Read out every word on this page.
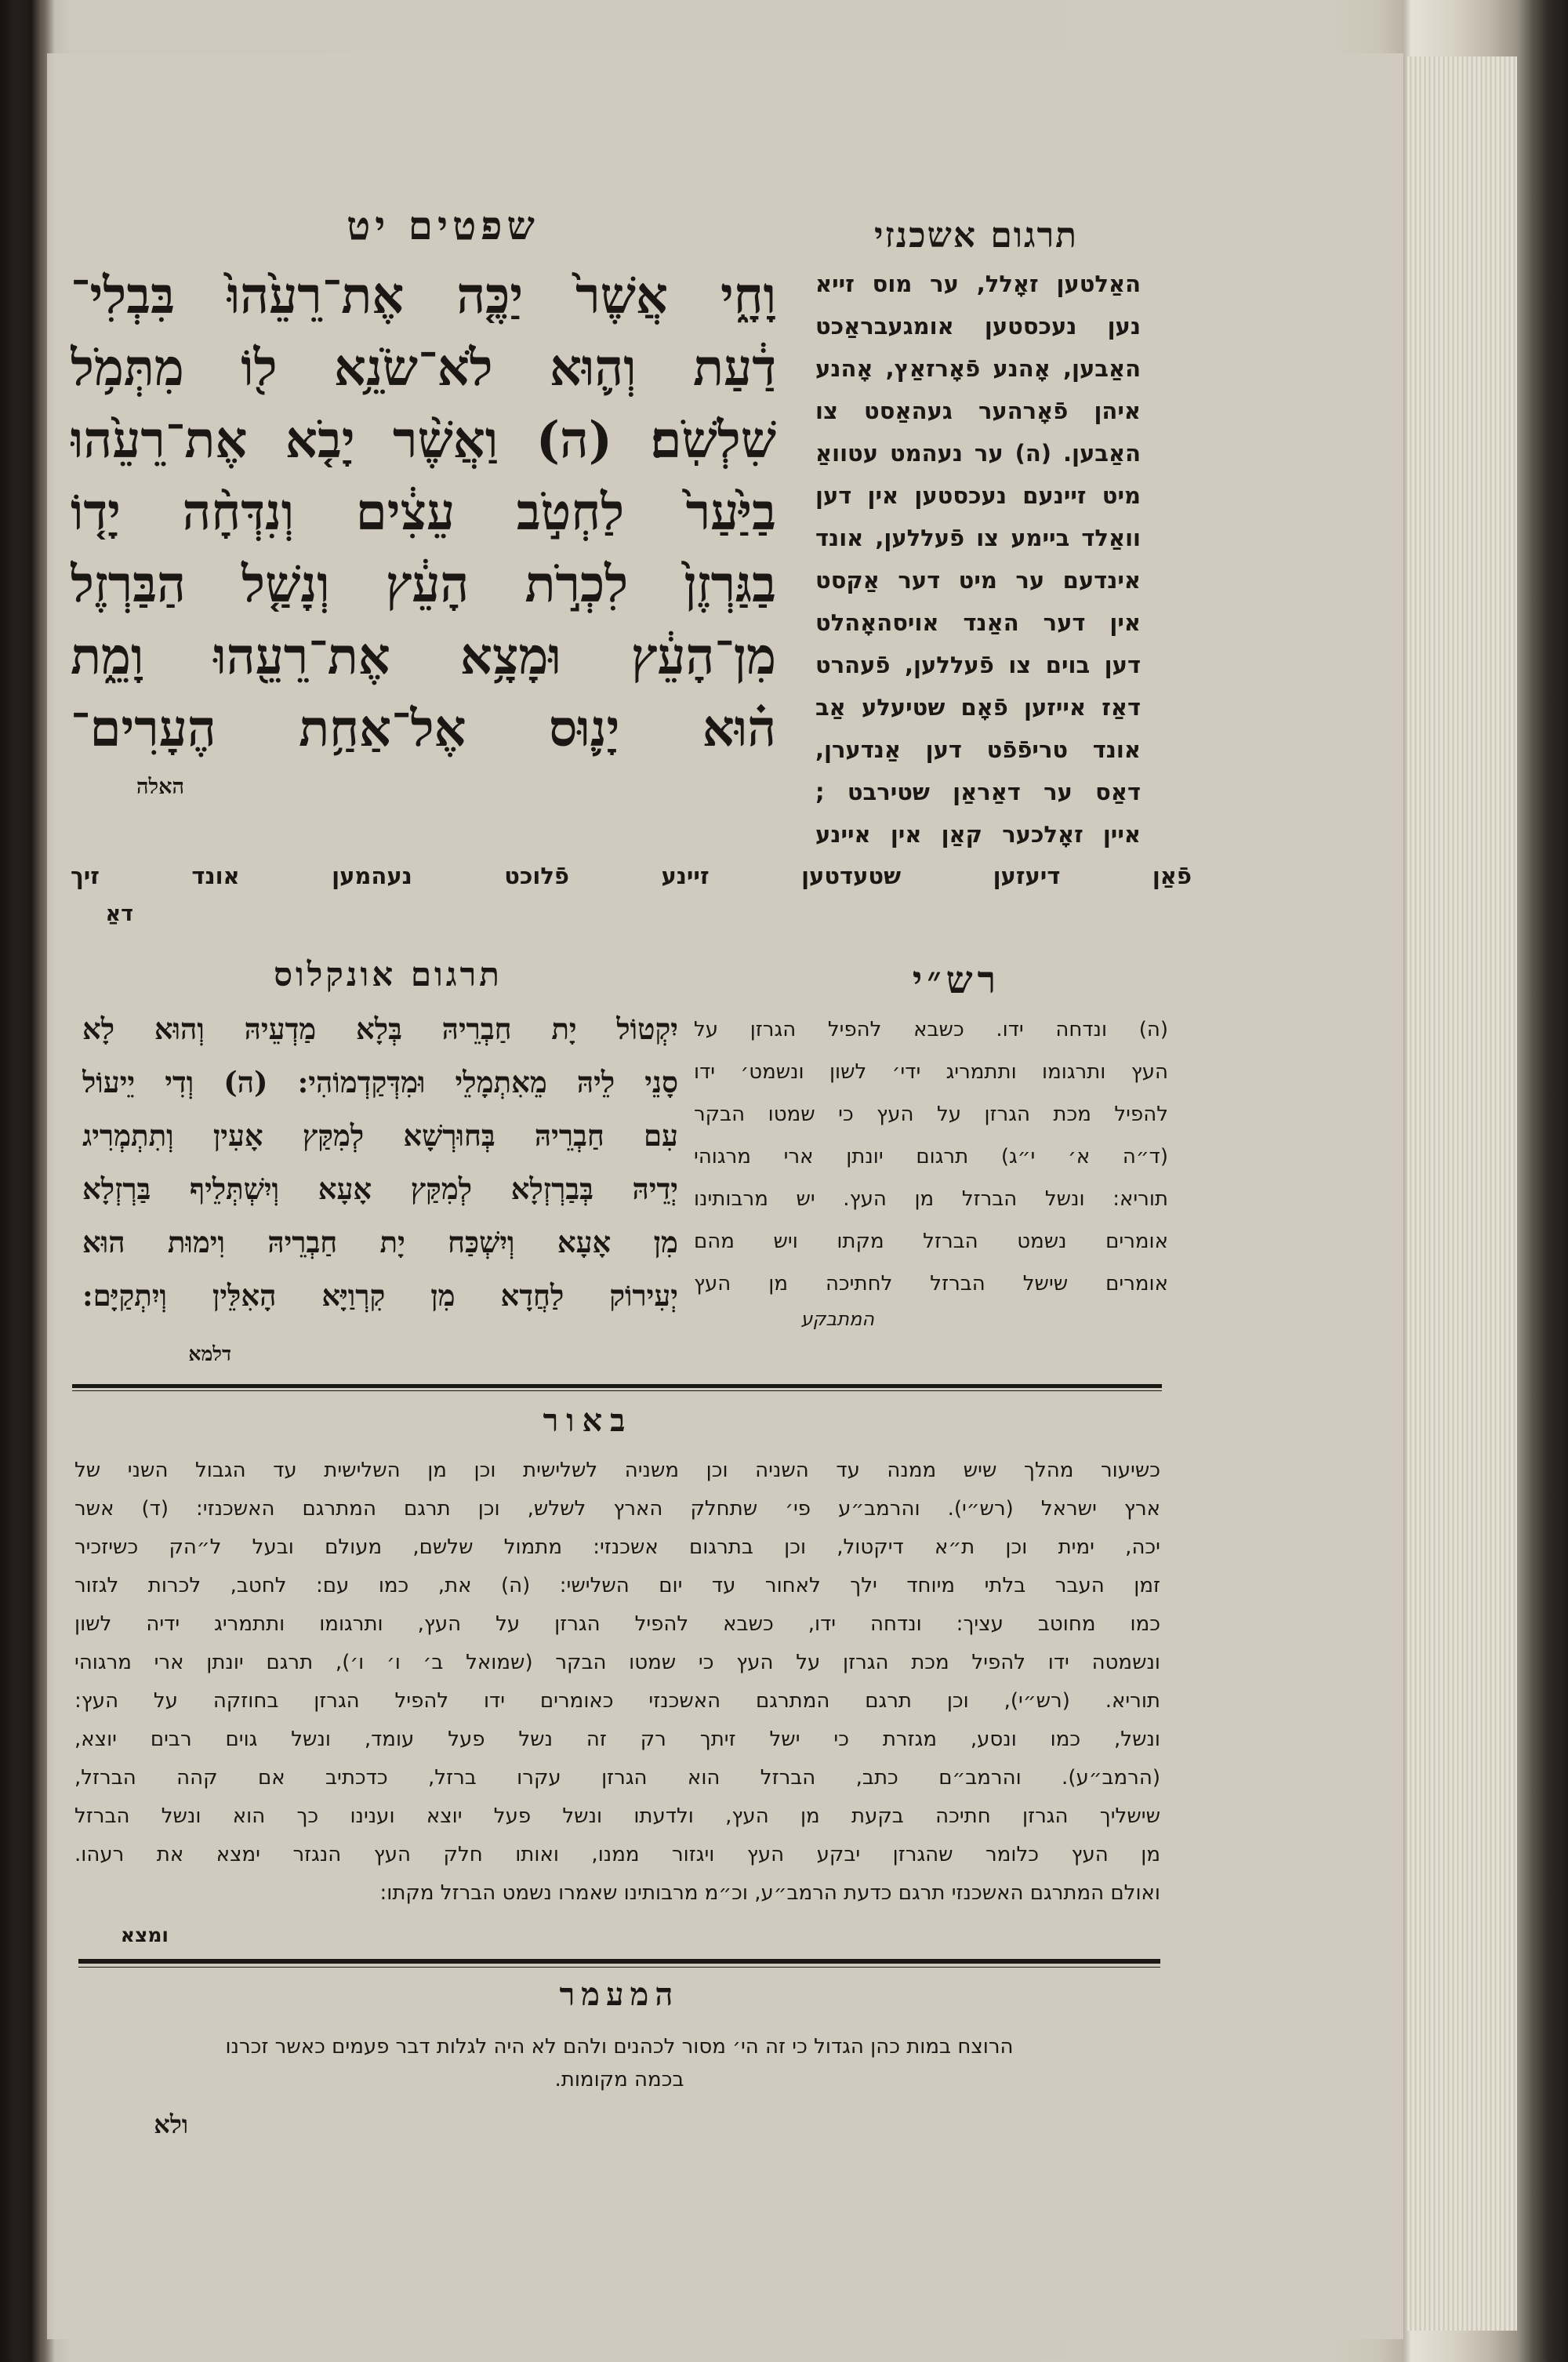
שפטים יט	תרגום אשכנזי
וָחָ֑י אֲשֶׁר֙ יַכֶּ֤ה אֶת־רֵעֵ֙הוּ֙ בִּבְלִי־
דַ֔עַת וְה֛וּא לֹא־שֹׂנֵ֥א ל֖וֹ מִתְּמֹ֥ל
שִׁלְשֹֽׁם׃ (ה) וַאֲשֶׁ֨ר יָבֹ֤א אֶת־רֵעֵ֙הוּ
בַיַּ֙עַר֙ לַחְטֹ֣ב עֵצִ֔ים וְנִדְּחָ֨ה יָד֤וֹ
בַגַּרְזֶן֙ לִכְרֹ֣ת הָעֵ֔ץ וְנָשַׁ֤ל הַבַּרְזֶל֙
מִן־הָעֵ֔ץ וּמָצָ֥א אֶת־רֵעֵ֖הוּ וָמֵ֑ת
ה֗וּא יָנ֛וּס אֶל־אַחַ֥ת הֶעָרִים־
האלה
האַלטען זאָלל, ער מוס זייא
נען נעכסטען אומגעבראַכט
האַבען, אָהנע פֿאָרזאַץ, אָהנע
איהן פֿאָרהער געהאַסט צו
האַבען. (ה) ער נעהמט עטוואַ
מיט זיינעם נעכסטען אין דען
וואַלד ביימע צו פֿעללען, אונד
אינדעם ער מיט דער אַקסט
אין דער האַנד אויסהאָהלט
דען בוים צו פֿעללען, פֿעהרט
דאַז אייזען פֿאָם שטיעלע אַב
אונד טריפֿפֿט דען אַנדערן,
דאַס ער דאַראַן שטירבט ;
איין זאָלכער קאַן אין איינע
פֿאַן דיעזען שטעדטען זיינע פֿלוכט נעהמען אונד זיך
דאַ
רש״י
תרגום אונקלוס
(ה) ונדחה ידו. כשבא להפיל הגרזן על
העץ ותרגומו ותתמריג ידי׳ לשון ונשמט׳ ידו
להפיל מכת הגרזן על העץ כי שמטו הבקר
(ד״ה א׳ י״ג) תרגום יונתן ארי מרגוהי
תוריא: ונשל הברזל מן העץ. יש מרבותינו
אומרים נשמט הברזל מקתו ויש מהם
אומרים שישל הברזל לחתיכה מן העץ
המתבקע
יִקְטוֹל יָת חַבְרֵיהּ בְּלָא מַדְעֵיהּ וְהוּא לָא
סָנֵי לֵיהּ מֵאִתְמָלֵי וּמִדְּקַדְמוֹהִי: (ה) וְדִי יֵיעוֹל
עִם חַבְרֵיהּ בְּחוּרְשָׁא לְמִקַּץ אָעִין וְתִתְמְרִיג
יְדֵיהּ בְּבַרְזְלָא לְמִקַּץ אָעָא וְיִשְׁתְּלֵיף בַּרְזְלָא
מִן אָעָא וְיִשְׁכַּח יָת חַבְרֵיהּ וִימוּת הוּא
יְעִירוֹק לַחֲדָא מִן קִרְוַיָּא הָאִלֵּין וְיִתְקַיָּם:
דלמא
באור
כשיעור מהלך שיש ממנה עד השניה וכן משניה לשלישית וכן מן השלישית עד הגבול השני של
ארץ ישראל (רש״י). והרמב״ע פי׳ שתחלק הארץ לשלש, וכן תרגם המתרגם האשכנזי: (ד) אשר
יכה, ימית וכן ת״א דיקטול, וכן בתרגום אשכנזי: מתמול שלשם, מעולם ובעל ל״הק כשיזכיר
זמן העבר בלתי מיוחד ילך לאחור עד יום השלישי: (ה) את, כמו עם: לחטב, לכרות לגזור
כמו מחוטב עציך: ונדחה ידו, כשבא להפיל הגרזן על העץ, ותרגומו ותתמריג ידיה לשון
ונשמטה ידו להפיל מכת הגרזן על העץ כי שמטו הבקר (שמואל ב׳ ו׳ ו׳), תרגם יונתן ארי מרגוהי
תוריא. (רש״י), וכן תרגם המתרגם האשכנזי כאומרים ידו להפיל הגרזן בחוזקה על העץ:
ונשל, כמו ונסע, מגזרת כי ישל זיתך רק זה נשל פעל עומד, ונשל גוים רבים יוצא,
(הרמב״ע). והרמב״ם כתב, הברזל הוא הגרזן עקרו ברזל, כדכתיב אם קהה הברזל,
שישליך הגרזן חתיכה בקעת מן העץ, ולדעתו ונשל פעל יוצא וענינו כך הוא ונשל הברזל
מן העץ כלומר שהגרזן יבקע העץ ויגזור ממנו, ואותו חלק העץ הנגזר ימצא את רעהו.
ואולם המתרגם האשכנזי תרגם כדעת הרמב״ע, וכ״מ מרבותינו שאמרו נשמט הברזל מקתו:
ומצא
המעמר
הרוצח במות כהן הגדול כי זה הי׳ מסור לכהנים ולהם לא היה לגלות דבר פעמים כאשר זכרנו
בכמה מקומות.
ולא
